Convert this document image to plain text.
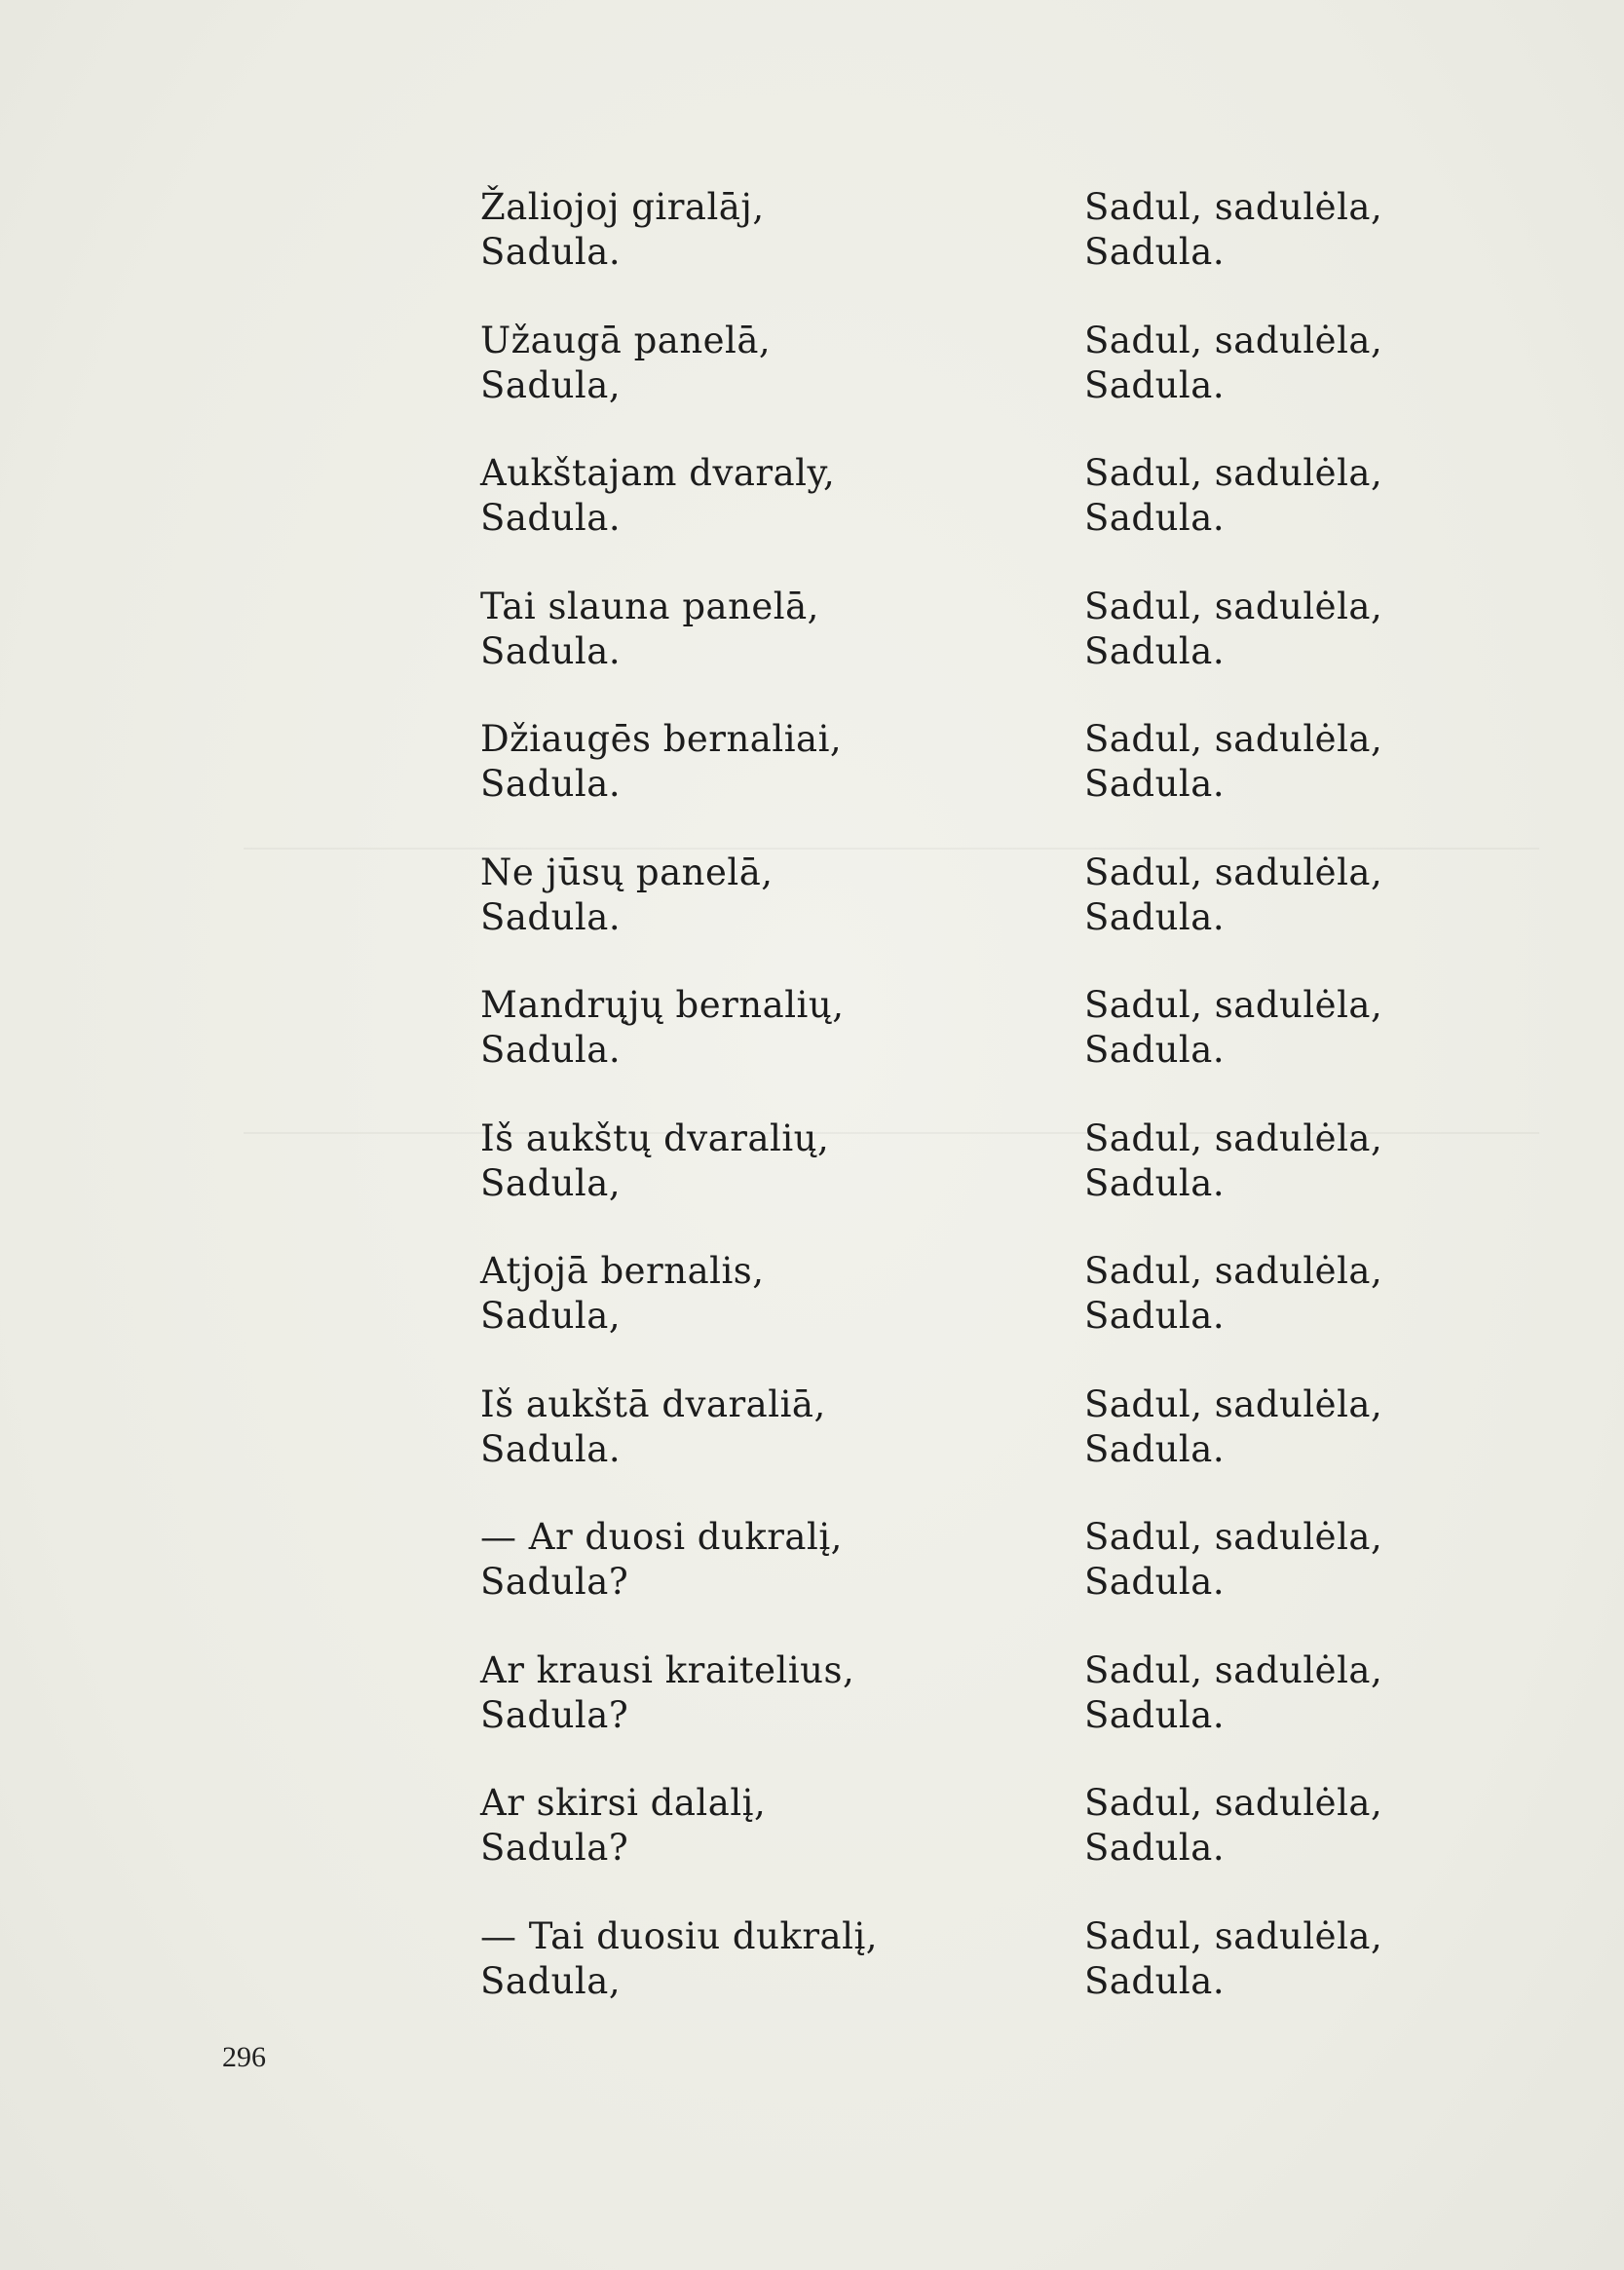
Žaliojoj giralāj,
Sadula.
Užaugā panelā,
Sadula,
Aukštajam dvaraly,
Sadula.
Tai slauna panelā,
Sadula.
Džiaugēs bernaliai,
Sadula.
Ne jūsų panelā,
Sadula.
Mandrųjų bernalių,
Sadula.
Iš aukštų dvaralių,
Sadula,
Atjojā bernalis,
Sadula,
Iš aukštā dvaraliā,
Sadula.
— Ar duosi dukralį,
Sadula?
Ar krausi kraitelius,
Sadula?
Ar skirsi dalalį,
Sadula?
— Tai duosiu dukralį,
Sadula,
Sadul, sadulėla,
Sadula.
Sadul, sadulėla,
Sadula.
Sadul, sadulėla,
Sadula.
Sadul, sadulėla,
Sadula.
Sadul, sadulėla,
Sadula.
Sadul, sadulėla,
Sadula.
Sadul, sadulėla,
Sadula.
Sadul, sadulėla,
Sadula.
Sadul, sadulėla,
Sadula.
Sadul, sadulėla,
Sadula.
Sadul, sadulėla,
Sadula.
Sadul, sadulėla,
Sadula.
Sadul, sadulėla,
Sadula.
Sadul, sadulėla,
Sadula.
296
